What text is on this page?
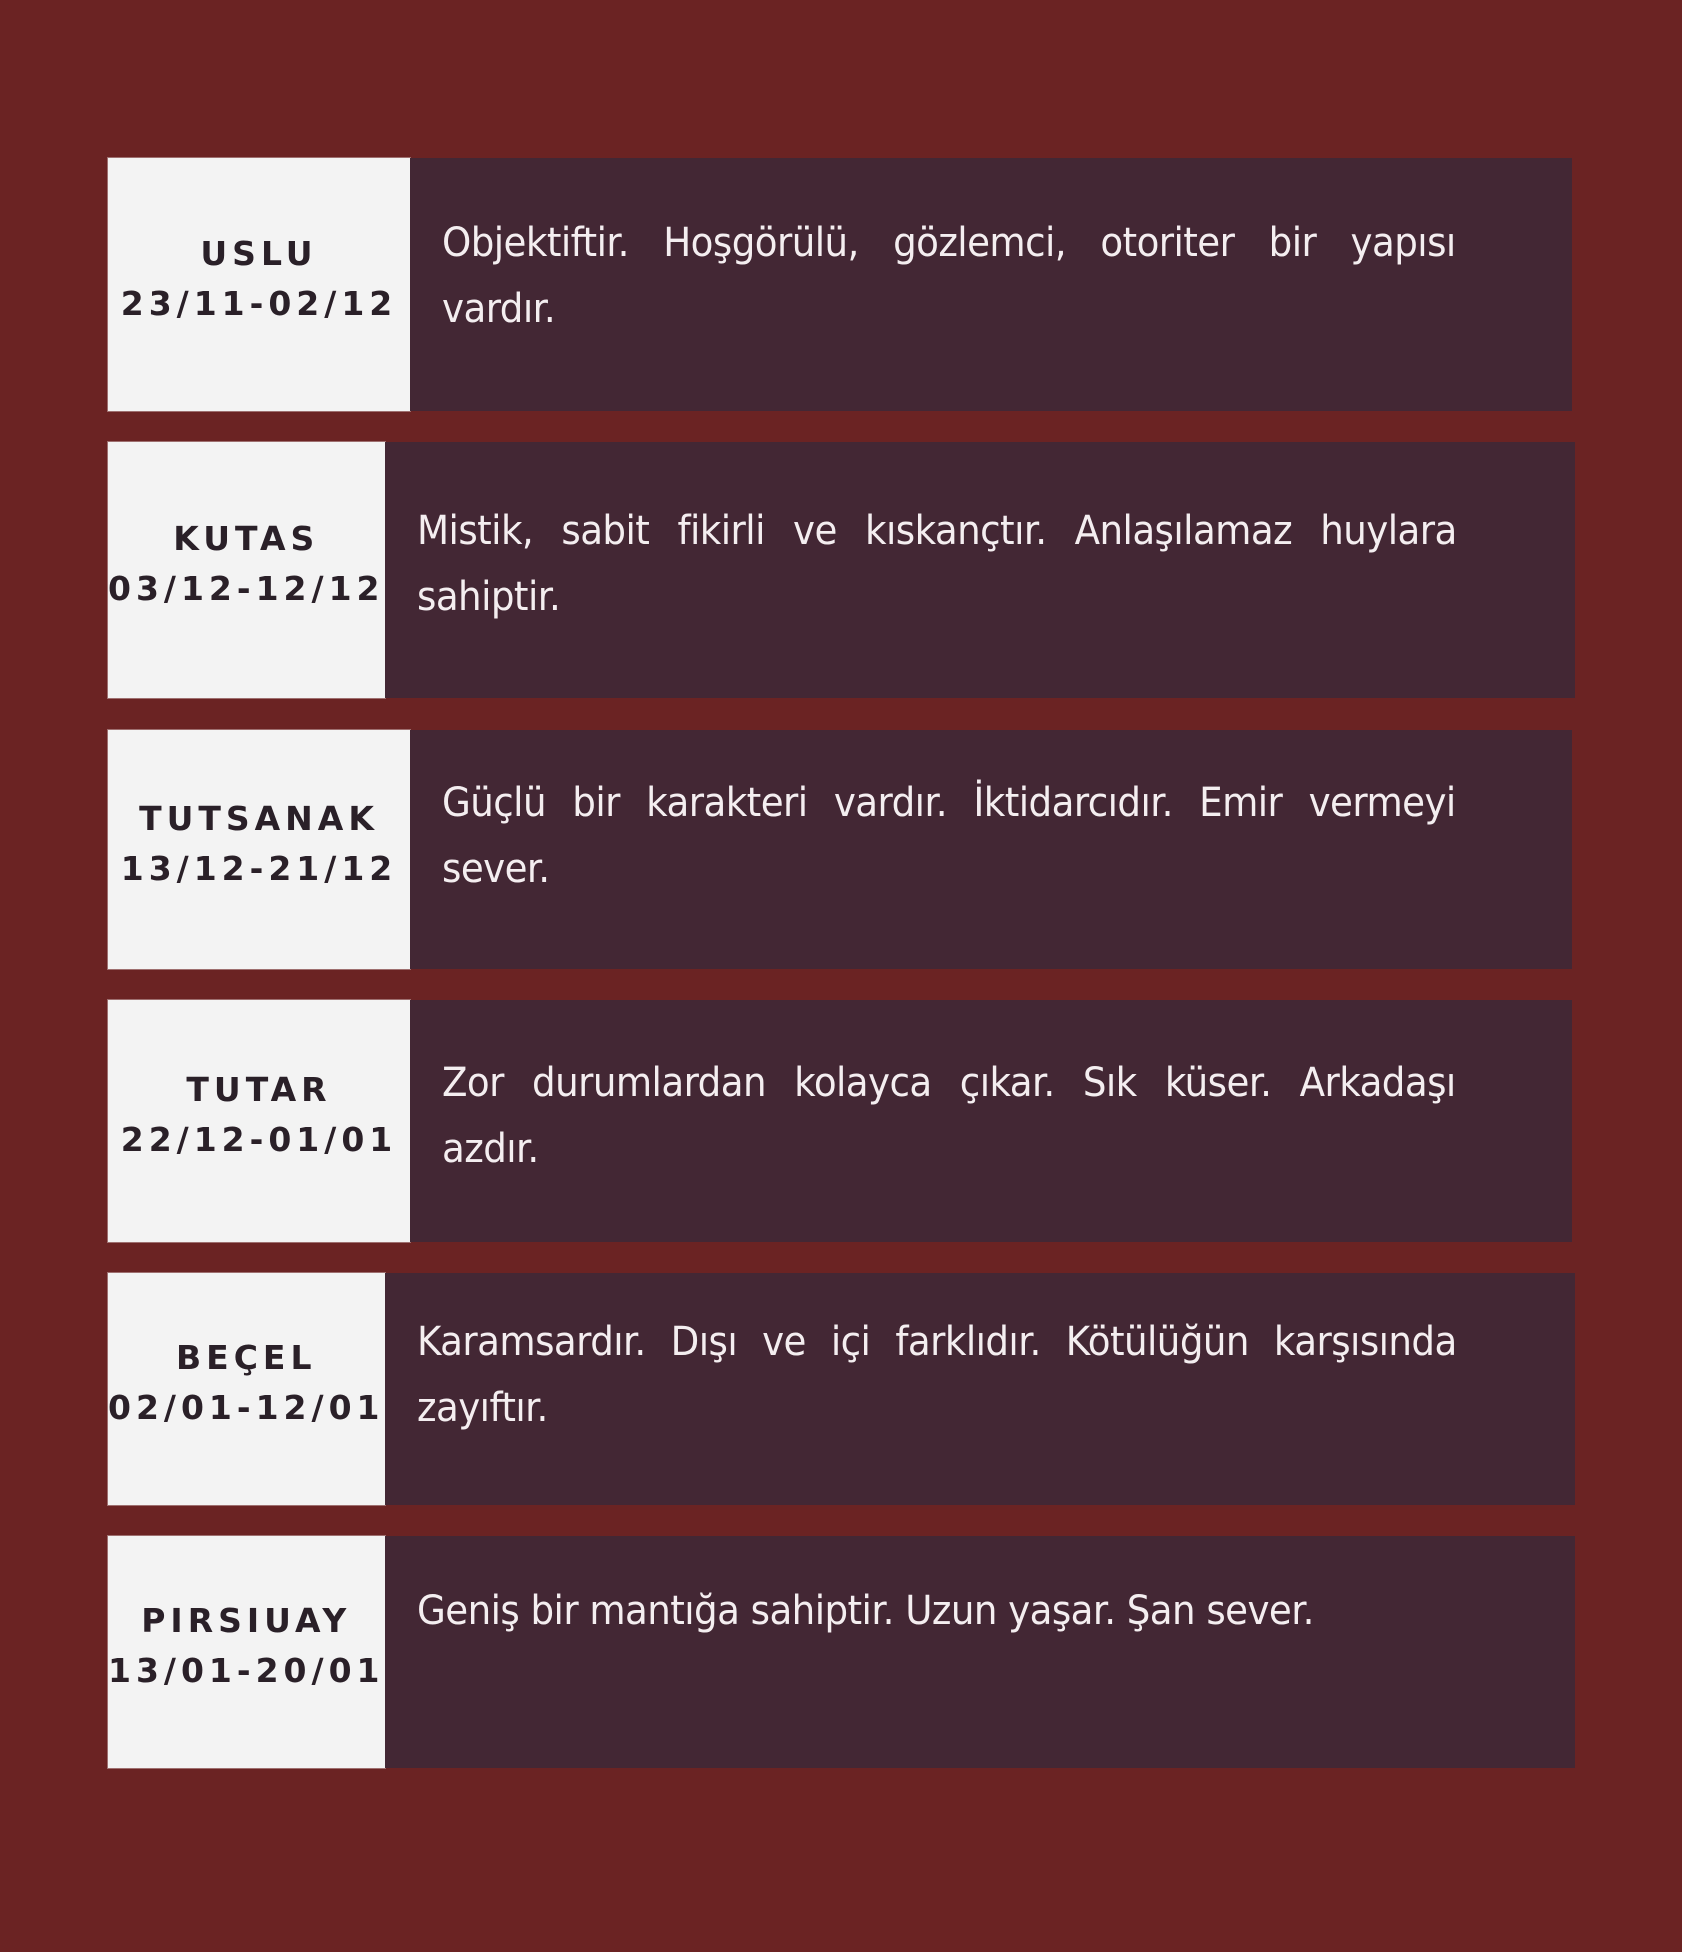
USLU
23/11-02/12

Objektiftir. Hoşgörülü, gözlemci, otoriter bir yapısı vardır.

KUTAS
03/12-12/12

Mistik, sabit fikirli ve kıskançtır. Anlaşılamaz huylara sahiptir.

TUTSANAK
13/12-21/12

Güçlü bir karakteri vardır. İktidarcıdır. Emir vermeyi sever.

TUTAR
22/12-01/01

Zor durumlardan kolayca çıkar. Sık küser. Arkadaşı azdır.

BEÇEL
02/01-12/01

Karamsardır. Dışı ve içi farklıdır. Kötülüğün karşısında zayıftır.

PIRSIUAY
13/01-20/01

Geniş bir mantığa sahiptir. Uzun yaşar. Şan sever.
